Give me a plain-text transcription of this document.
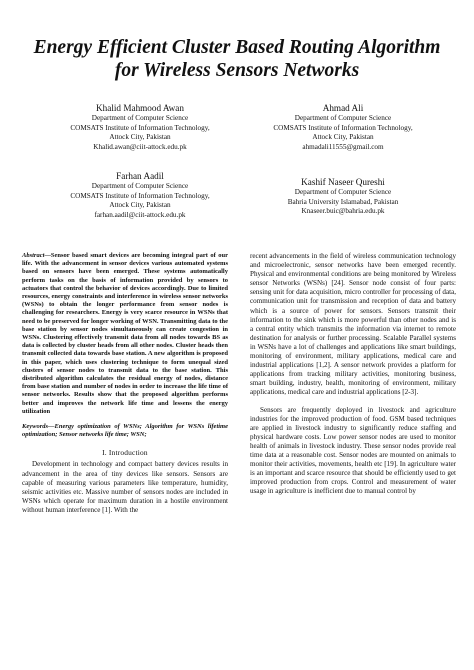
Energy Efficient Cluster Based Routing Algorithm
for Wireless Sensors Networks
Khalid Mahmood Awan
Department of Computer Science
COMSATS Institute of Information Technology,
Attock City, Pakistan
Khalid.awan@ciit-attock.edu.pk
Ahmad Ali
Department of Computer Science
COMSATS Institute of Information Technology,
Attock City, Pakistan
ahmadali11555@gmail.com
Farhan Aadil
Department of Computer Science
COMSATS Institute of Information Technology,
Attock City, Pakistan
farhan.aadil@ciit-attock.edu.pk
Kashif Naseer Qureshi
Department of Computer Science
Bahria University Islamabad, Pakistan
Knaseer.buic@bahria.edu.pk
Abstract—Sensor based smart devices are becoming integral part of our life. With the advancement in sensor devices various automated systems based on sensors have been emerged. These systems automatically perform tasks on the basis of information provided by sensors to actuators that control the behavior of devices accordingly. Due to limited resources, energy constraints and interference in wireless sensor networks (WSNs) to obtain the longer performance from sensor nodes is challenging for researchers. Energy is very scarce resource in WSNs that need to be preserved for longer working of WSN. Transmitting data to the base station by sensor nodes simultaneously can create congestion in WSNs. Clustering effectively transmit data from all nodes towards BS as data is collected by cluster heads from all other nodes. Cluster heads then transmit collected data towards base station. A new algorithm is proposed in this paper, which uses clustering technique to form unequal sized clusters of sensor nodes to transmit data to the base station. This distributed algorithm calculates the residual energy of nodes, distance from base station and number of nodes in order to increase the life time of sensor networks. Results show that the proposed algorithm performs better and improves the network life time and lessens the energy utilization
Keywords—Energy optimization of WSNs; Algorithm for WSNs lifetime optimization; Sensor networks life time; WSN;
I. Introduction

Development in technology and compact battery devices results in advancement in the area of tiny devices like sensors. Sensors are capable of measuring various parameters like temperature, humidity, seismic activities etc. Massive number of sensors nodes are included in WSNs which operate for maximum duration in a hostile environment without human interference [1]. With the

recent advancements in the field of wireless communication technology and microelectronic, sensor networks have been emerged recently. Physical and environmental conditions are being monitored by Wireless sensor Networks (WSNs) [24]. Sensor node consist of four parts: sensing unit for data acquisition, micro controller for processing of data, communication unit for transmission and reception of data and battery which is a source of power for sensors. Sensors transmit their information to the sink which is more powerful than other nodes and is a central entity which transmits the information via internet to remote destination for analysis or further processing. Scalable Parallel systems in WSNs have a lot of challenges and applications like smart buildings, monitoring of environment, military applications, medical care and industrial applications [1,2]. A sensor network provides a platform for applications from tracking military activities, monitoring business, smart building, industry, health, monitoring of environment, military applications, medical care and industrial applications [2-3].

Sensors are frequently deployed in livestock and agriculture industries for the improved production of food. GSM based techniques are applied in livestock industry to significantly reduce staffing and physical hardware costs. Low power sensor nodes are used to monitor health of animals in livestock industry. These sensor nodes provide real time data at a reasonable cost. Sensor nodes are mounted on animals to monitor their activities, movements, health etc [19]. In agriculture water is an important and scarce resource that should be efficiently used to get improved production from crops. Control and measurement of water usage in agriculture is inefficient due to manual control by
